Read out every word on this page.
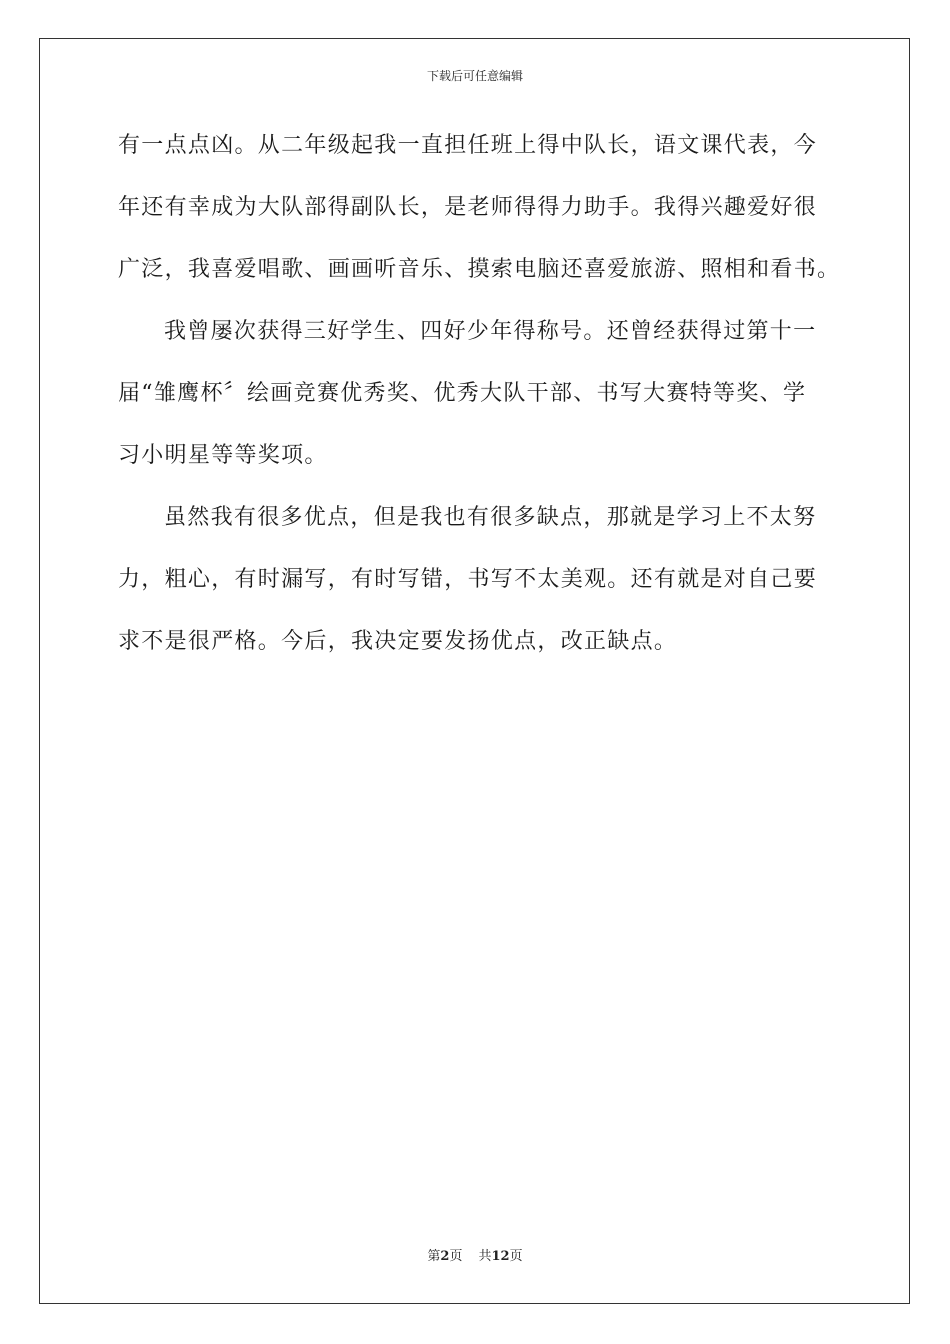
下载后可任意编辑

有一点点凶。从二年级起我一直担任班上得中队长，语文课代表，今

年还有幸成为大队部得副队长，是老师得得力助手。我得兴趣爱好很

广泛，我喜爱唱歌、画画听音乐、摸索电脑还喜爱旅游、照相和看书。

我曾屡次获得三好学生、四好少年得称号。还曾经获得过第十一

届“雏鹰杯〞绘画竞赛优秀奖、优秀大队干部、书写大赛特等奖、学

习小明星等等奖项。

虽然我有很多优点，但是我也有很多缺点，那就是学习上不太努

力，粗心，有时漏写，有时写错，书写不太美观。还有就是对自己要

求不是很严格。今后，我决定要发扬优点，改正缺点。

第2页 共12页
